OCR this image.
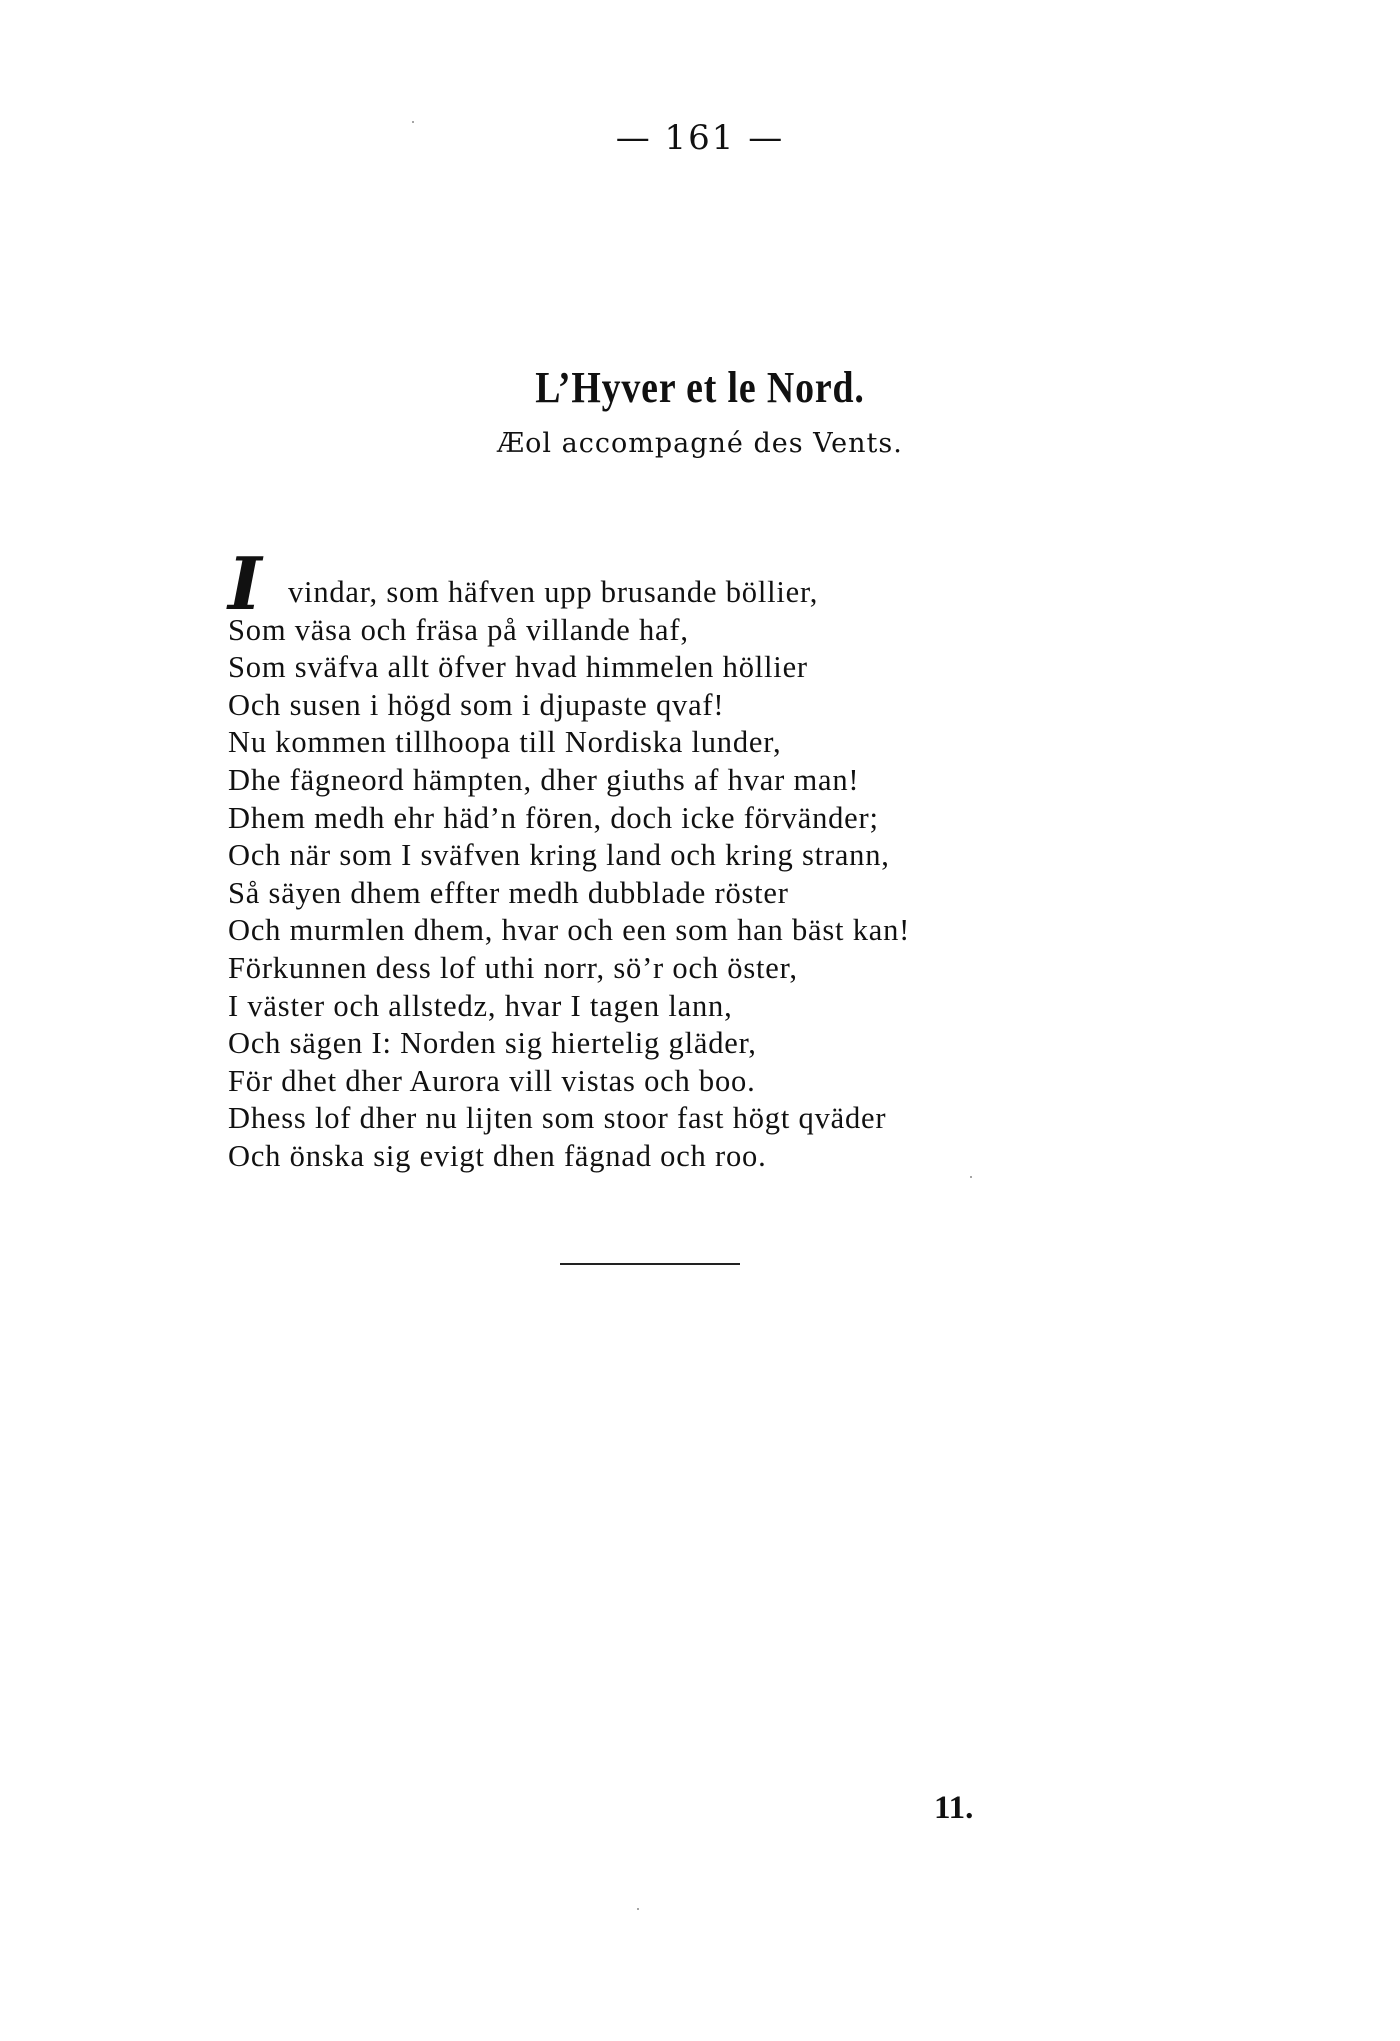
— 161 —
L’Hyver et le Nord.
Æol accompagné des Vents.
I vindar, som häfven upp brusande böllier,
Som väsa och fräsa på villande haf,
Som sväfva allt öfver hvad himmelen höllier
Och susen i högd som i djupaste qvaf!
Nu kommen tillhoopa till Nordiska lunder,
Dhe fägneord hämpten, dher giuths af hvar man!
Dhem medh ehr häd’n fören, doch icke förvänder;
Och när som I sväfven kring land och kring strann,
Så säyen dhem effter medh dubblade röster
Och murmlen dhem, hvar och een som han bäst kan!
Förkunnen dess lof uthi norr, sö’r och öster,
I väster och allstedz, hvar I tagen lann,
Och sägen I: Norden sig hiertelig gläder,
För dhet dher Aurora vill vistas och boo.
Dhess lof dher nu lijten som stoor fast högt qväder
Och önska sig evigt dhen fägnad och roo.
11.
